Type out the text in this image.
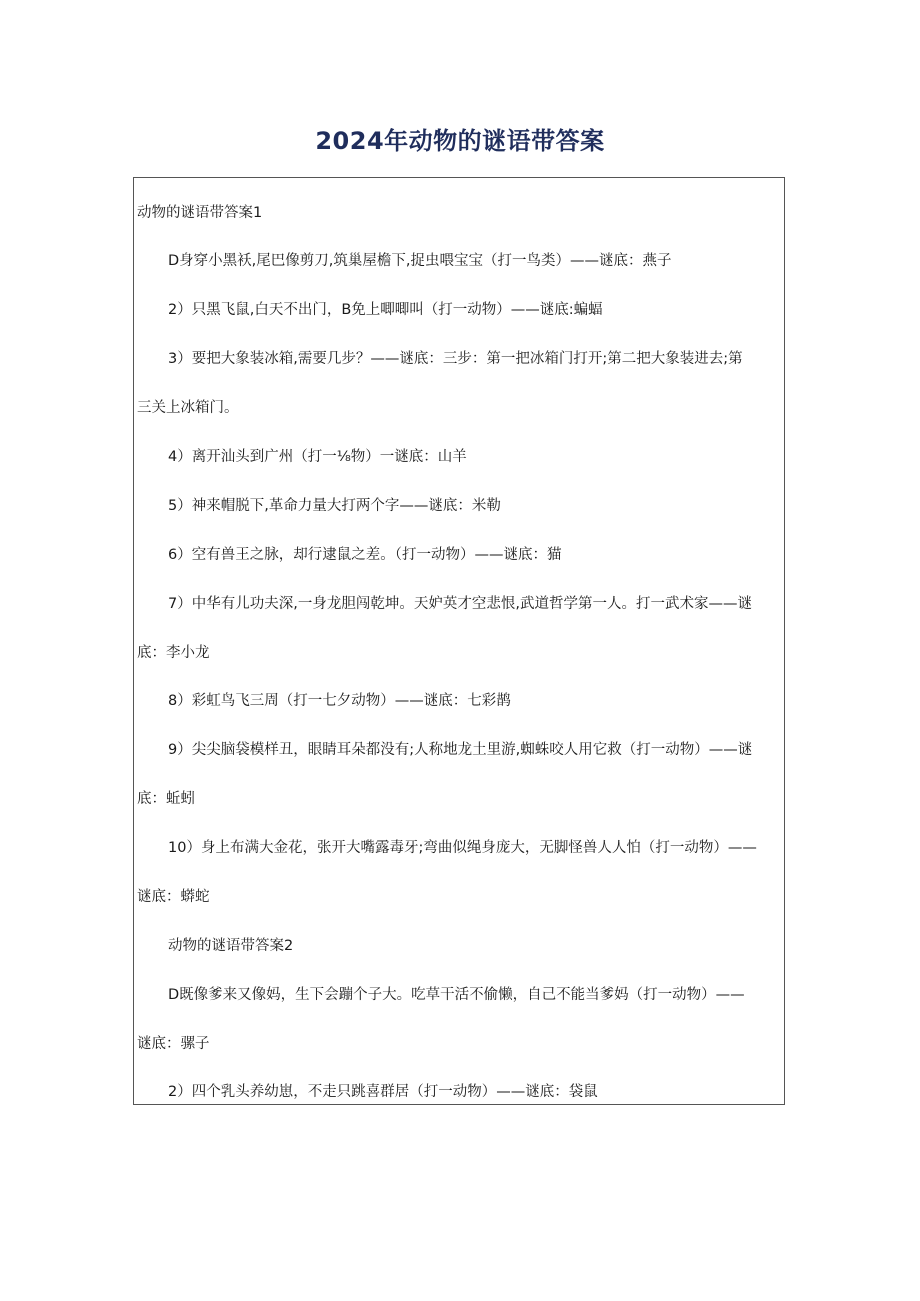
2024年动物的谜语带答案
动物的谜语带答案1
D身穿小黑袄,尾巴像剪刀,筑巢屋檐下,捉虫喂宝宝（打一鸟类）——谜底：燕子
2）只黑飞鼠,白天不出门，B免上唧唧叫（打一动物）——谜底:蝙蝠
3）要把大象装冰箱,需要几步？——谜底：三步：第一把冰箱门打开;第二把大象装进去;第
三关上冰箱门。
4）离开汕头到广州（打一⅛物）一谜底：山羊
5）神来帽脱下,革命力量大打两个字——谜底：米勒
6）空有兽王之脉，却行逮鼠之差。（打一动物）——谜底：猫
7）中华有儿功夫深,一身龙胆闯乾坤。天妒英才空悲恨,武道哲学第一人。打一武术家——谜
底：李小龙
8）彩虹鸟飞三周（打一七夕动物）——谜底：七彩鹊
9）尖尖脑袋模样丑，眼睛耳朵都没有;人称地龙土里游,蜘蛛咬人用它救（打一动物）——谜
底：蚯蚓
10）身上布满大金花，张开大嘴露毒牙;弯曲似绳身庞大，无脚怪兽人人怕（打一动物）——
谜底：蟒蛇
动物的谜语带答案2
D既像爹来又像妈，生下会蹦个子大。吃草干活不偷懒，自己不能当爹妈（打一动物）——
谜底：骡子
2）四个乳头养幼崽，不走只跳喜群居（打一动物）——谜底：袋鼠
